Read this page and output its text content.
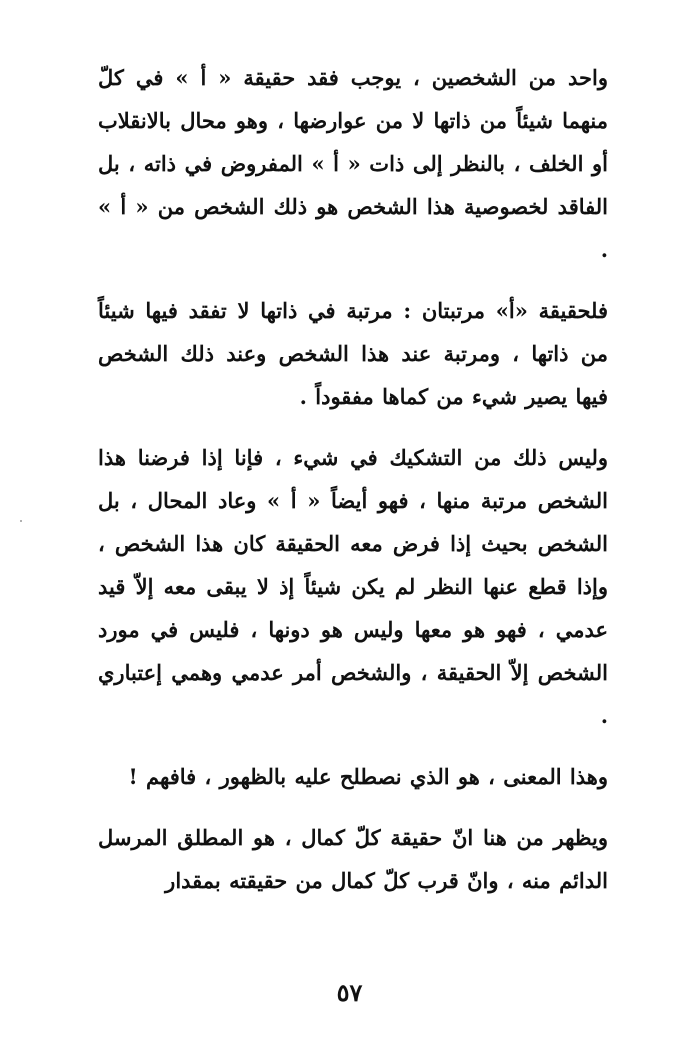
واحد من الشخصين ، يوجب فقد حقيقة « أ » في كلّ منهما شيئاً من ذاتها لا من عوارضها ، وهو محال بالانقلاب أو الخلف ، بالنظر إلى ذات « أ » المفروض في ذاته ، بل الفاقد لخصوصية هذا الشخص هو ذلك الشخص من « أ » .

فلحقيقة «أ» مرتبتان : مرتبة في ذاتها لا تفقد فيها شيئاً من ذاتها ، ومرتبة عند هذا الشخص وعند ذلك الشخص فيها يصير شيء من كماها مفقوداً .

وليس ذلك من التشكيك في شيء ، فإنا إذا فرضنا هذا الشخص مرتبة منها ، فهو أيضاً « أ » وعاد المحال ، بل الشخص بحيث إذا فرض معه الحقيقة كان هذا الشخص ، وإذا قطع عنها النظر لم يكن شيئاً إذ لا يبقى معه إلاّ قيد عدمي ، فهو هو معها وليس هو دونها ، فليس في مورد الشخص إلاّ الحقيقة ، والشخص أمر عدمي وهمي إعتباري .

وهذا المعنى ، هو الذي نصطلح عليه بالظهور ، فافهم !

ويظهر من هنا انّ حقيقة كلّ كمال ، هو المطلق المرسل الدائم منه ، وانّ قرب كلّ كمال من حقيقته بمقدار

٥٧
